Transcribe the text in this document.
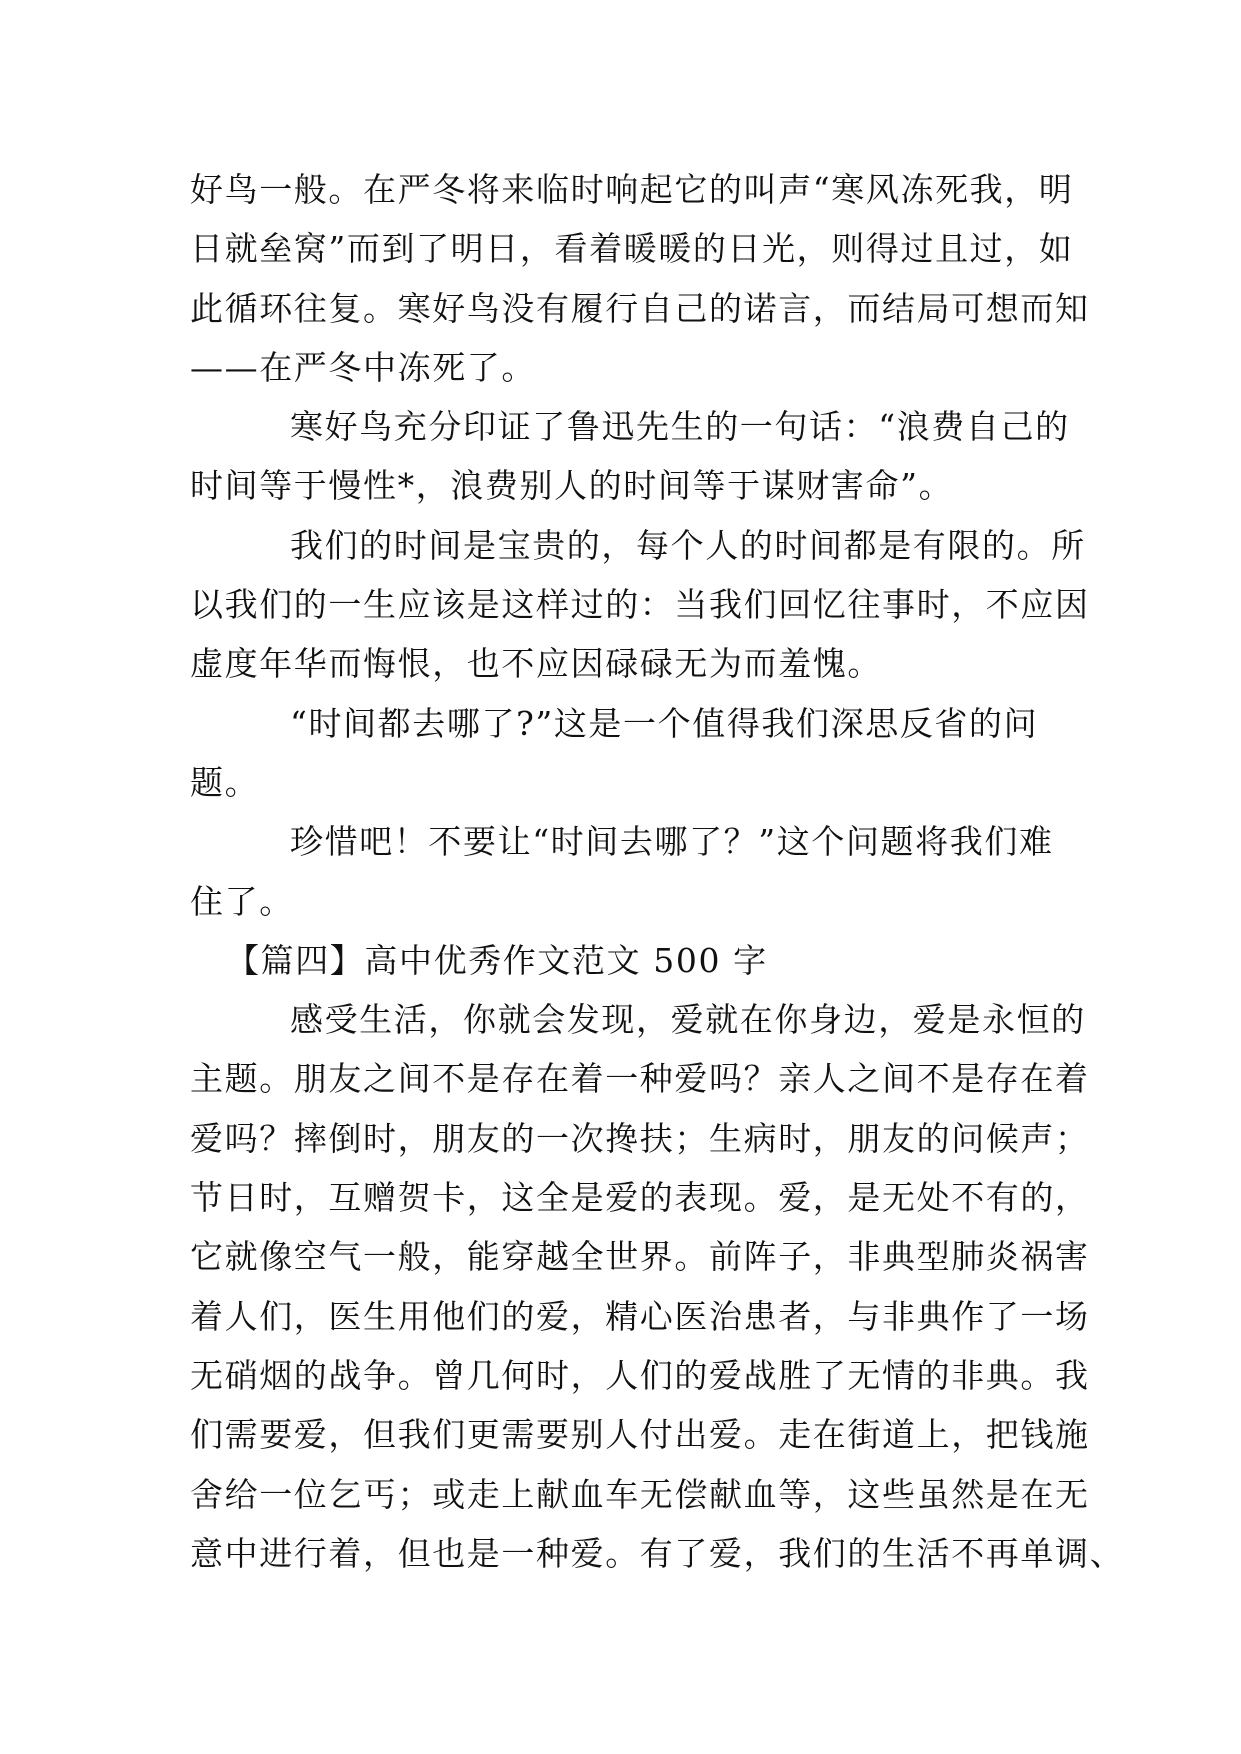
好鸟一般。在严冬将来临时响起它的叫声“寒风冻死我，明
日就垒窝”而到了明日，看着暖暖的日光，则得过且过，如
此循环往复。寒好鸟没有履行自己的诺言，而结局可想而知
——在严冬中冻死了。
寒好鸟充分印证了鲁迅先生的一句话：“浪费自己的
时间等于慢性*，浪费别人的时间等于谋财害命”。
我们的时间是宝贵的，每个人的时间都是有限的。所
以我们的一生应该是这样过的：当我们回忆往事时，不应因
虚度年华而悔恨，也不应因碌碌无为而羞愧。
“时间都去哪了?”这是一个值得我们深思反省的问
题。
珍惜吧！不要让“时间去哪了？”这个问题将我们难
住了。
【篇四】高中优秀作文范文 500 字
感受生活，你就会发现，爱就在你身边，爱是永恒的
主题。朋友之间不是存在着一种爱吗？亲人之间不是存在着
爱吗？摔倒时，朋友的一次搀扶；生病时，朋友的问候声；
节日时，互赠贺卡，这全是爱的表现。爱，是无处不有的，
它就像空气一般，能穿越全世界。前阵子，非典型肺炎祸害
着人们，医生用他们的爱，精心医治患者，与非典作了一场
无硝烟的战争。曾几何时，人们的爱战胜了无情的非典。我
们需要爱，但我们更需要别人付出爱。走在街道上，把钱施
舍给一位乞丐；或走上献血车无偿献血等，这些虽然是在无
意中进行着，但也是一种爱。有了爱，我们的生活不再单调、
